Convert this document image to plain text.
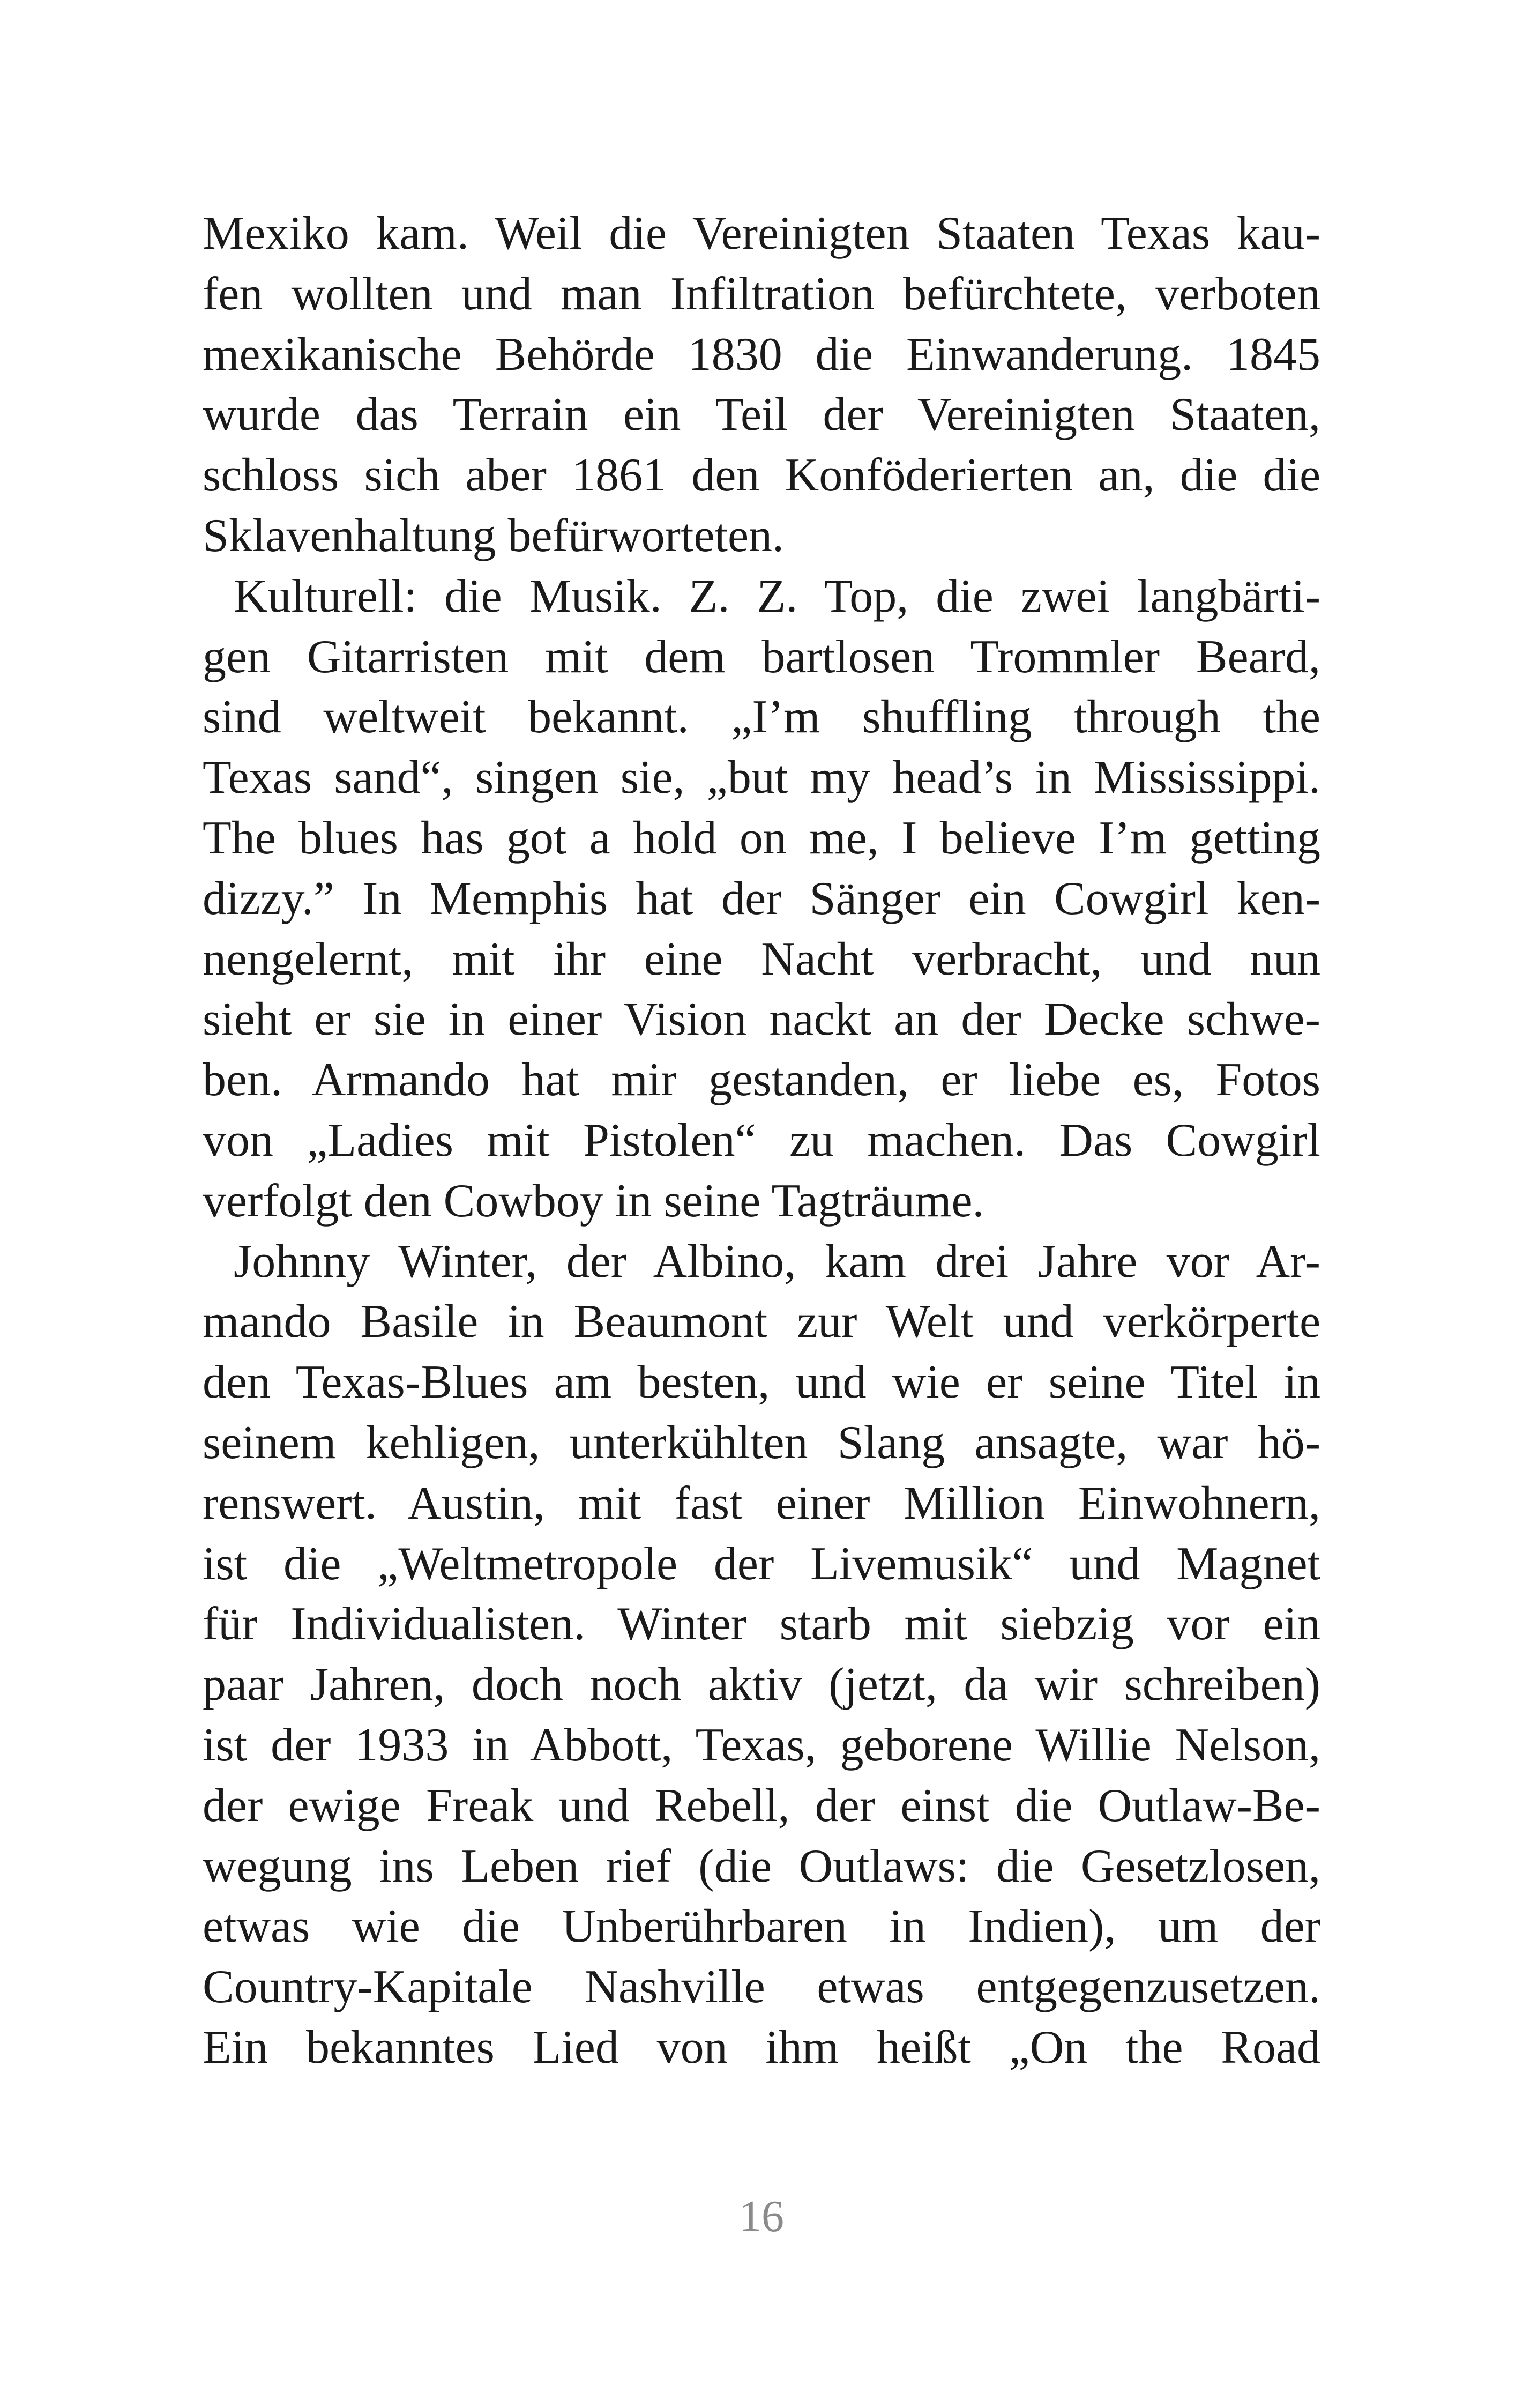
Mexiko kam. Weil die Vereinigten Staaten Texas kau-
fen wollten und man Infiltration befürchtete, verboten
mexikanische Behörde 1830 die Einwanderung. 1845
wurde das Terrain ein Teil der Vereinigten Staaten,
schloss sich aber 1861 den Konföderierten an, die die
Sklavenhaltung befürworteten.
Kulturell: die Musik. Z. Z. Top, die zwei langbärti-
gen Gitarristen mit dem bartlosen Trommler Beard,
sind weltweit bekannt. „I’m shuffling through the
Texas sand“, singen sie, „but my head’s in Mississippi.
The blues has got a hold on me, I believe I’m getting
dizzy.” In Memphis hat der Sänger ein Cowgirl ken-
nengelernt, mit ihr eine Nacht verbracht, und nun
sieht er sie in einer Vision nackt an der Decke schwe-
ben. Armando hat mir gestanden, er liebe es, Fotos
von „Ladies mit Pistolen“ zu machen. Das Cowgirl
verfolgt den Cowboy in seine Tagträume.
Johnny Winter, der Albino, kam drei Jahre vor Ar-
mando Basile in Beaumont zur Welt und verkörperte
den Texas-Blues am besten, und wie er seine Titel in
seinem kehligen, unterkühlten Slang ansagte, war hö-
renswert. Austin, mit fast einer Million Einwohnern,
ist die „Weltmetropole der Livemusik“ und Magnet
für Individualisten. Winter starb mit siebzig vor ein
paar Jahren, doch noch aktiv (jetzt, da wir schreiben)
ist der 1933 in Abbott, Texas, geborene Willie Nelson,
der ewige Freak und Rebell, der einst die Outlaw-Be-
wegung ins Leben rief (die Outlaws: die Gesetzlosen,
etwas wie die Unberührbaren in Indien), um der
Country-Kapitale Nashville etwas entgegenzusetzen.
Ein bekanntes Lied von ihm heißt „On the Road
16
